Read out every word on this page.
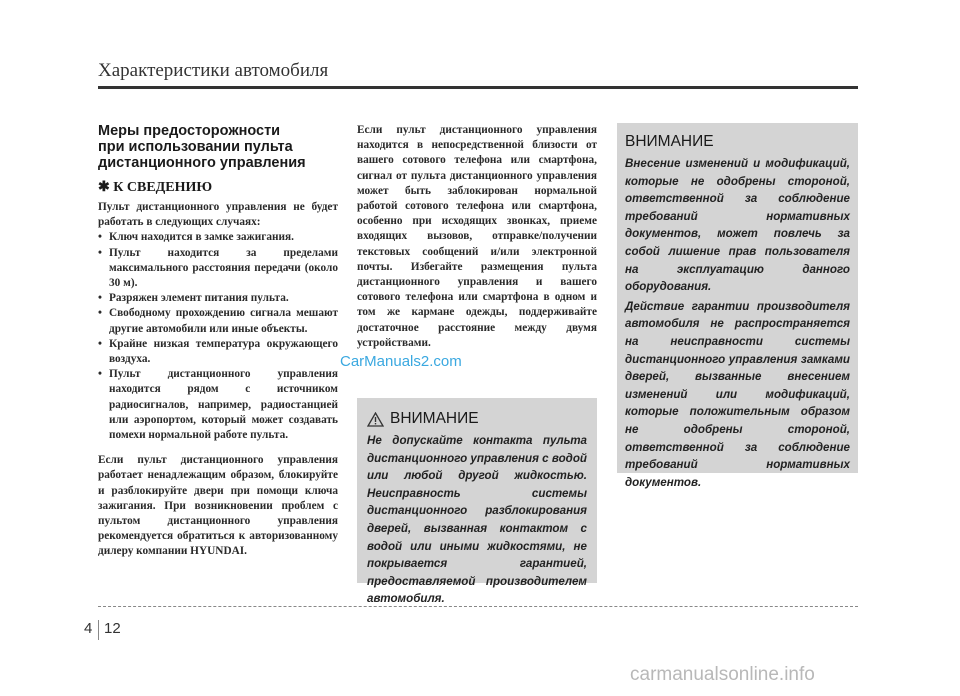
Характеристики автомобиля
Меры предосторожности
при использовании пульта
дистанционного управления
✱ К СВЕДЕНИЮ

Пульт дистанционного управления не будет работать в следующих случаях:

• Ключ находится в замке зажигания.
• Пульт находится за пределами максимального расстояния передачи (около 30 м).
• Разряжен элемент питания пульта.
• Свободному прохождению сигнала мешают другие автомобили или иные объекты.
• Крайне низкая температура окружающего воздуха.
• Пульт дистанционного управления находится рядом с источником радиосигналов, например, радиостанцией или аэропортом, который может создавать помехи нормальной работе пульта.

Если пульт дистанционного управления работает ненадлежащим образом, блокируйте и разблокируйте двери при помощи ключа зажигания. При возникновении проблем с пультом дистанционного управления рекомендуется обратиться к авторизованному дилеру компании HYUNDAI.

Если пульт дистанционного управления находится в непосредственной близости от вашего сотового телефона или смартфона, сигнал от пульта дистанционного управления может быть заблокирован нормальной работой сотового телефона или смартфона, особенно при исходящих звонках, приеме входящих вызовов, отправке/получении текстовых сообщений и/или электронной почты. Избегайте размещения пульта дистанционного управления и вашего сотового телефона или смартфона в одном и том же кармане одежды, поддерживайте достаточное расстояние между двумя устройствами.

CarManuals2.com
ВНИМАНИЕ

Не допускайте контакта пульта дистанционного управления с водой или любой другой жидкостью. Неисправность системы дистанционного разблокирования дверей, вызванная контактом с водой или иными жидкостями, не покрывается гарантией, предоставляемой производителем автомобиля.

ВНИМАНИЕ

Внесение изменений и модификаций, которые не одобрены стороной, ответственной за соблюдение требований нормативных документов, может повлечь за собой лишение прав пользователя на эксплуатацию данного оборудования.

Действие гарантии производителя автомобиля не распространяется на неисправности системы дистанционного управления замками дверей, вызванные внесением изменений или модификаций, которые положительным образом не одобрены стороной, ответственной за соблюдение требований нормативных документов.

4 12
carmanualsonline.info
